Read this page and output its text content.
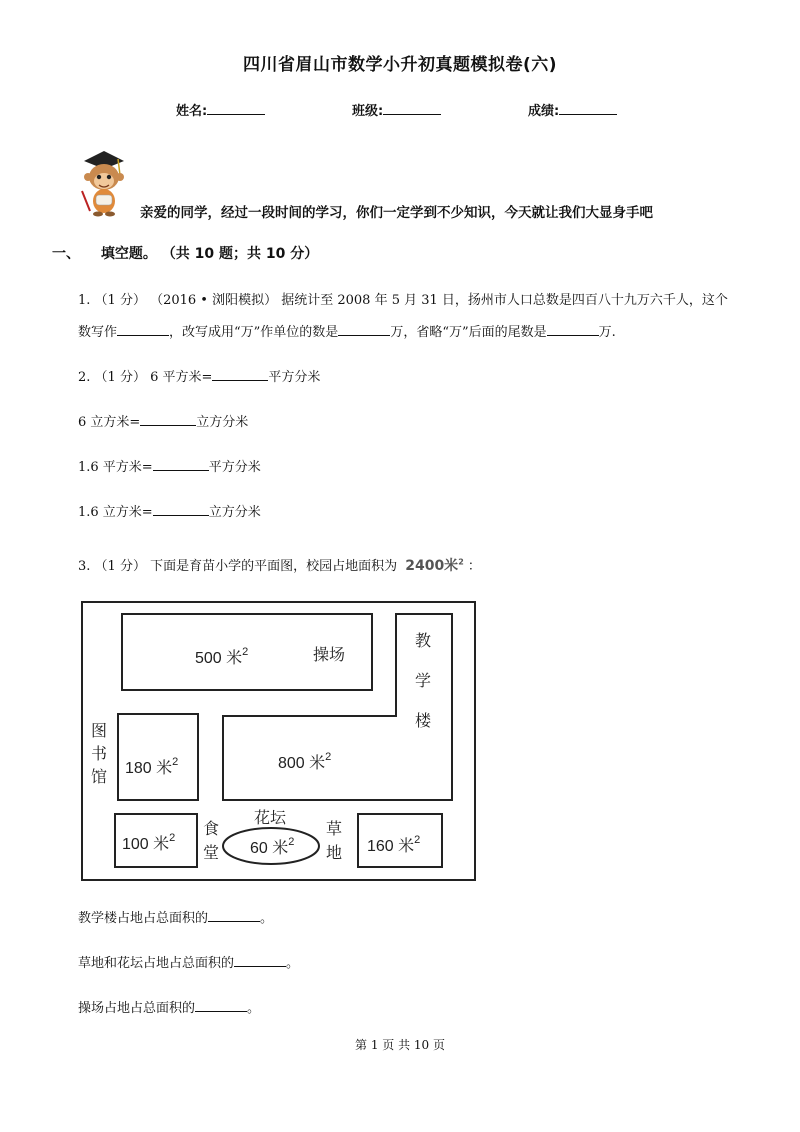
四川省眉山市数学小升初真题模拟卷(六)
姓名:	班级:	成绩:
亲爱的同学，经过一段时间的学习，你们一定学到不少知识，今天就让我们大显身手吧
一、 填空题。 （共 10 题；共 10 分）
1. （1 分） （2016 • 浏阳模拟） 据统计至 2008 年 5 月 31 日，扬州市人口总数是四百八十九万六千人，这个
数写作	，改写成用“万”作单位的数是	万，省略“万”后面的尾数是	万.
2. （1 分） 6 平方米=	平方分米
6 立方米=	立方分米
1.6 平方米=	平方分米
1.6 立方米=	立方分米
3. （1 分） 下面是育苗小学的平面图，校园占地面积为 2400米$^2$ ：
500 米$^2$	操场
教
学
楼
800 米$^2$
图
书
馆
180 米$^2$
100 米$^2$ 食
堂
花坛
60 米$^2$
草
地 160 米$^2$
教学楼占地占总面积的	。
草地和花坛占地占总面积的	。
操场占地占总面积的	。
第 1 页 共 10 页
